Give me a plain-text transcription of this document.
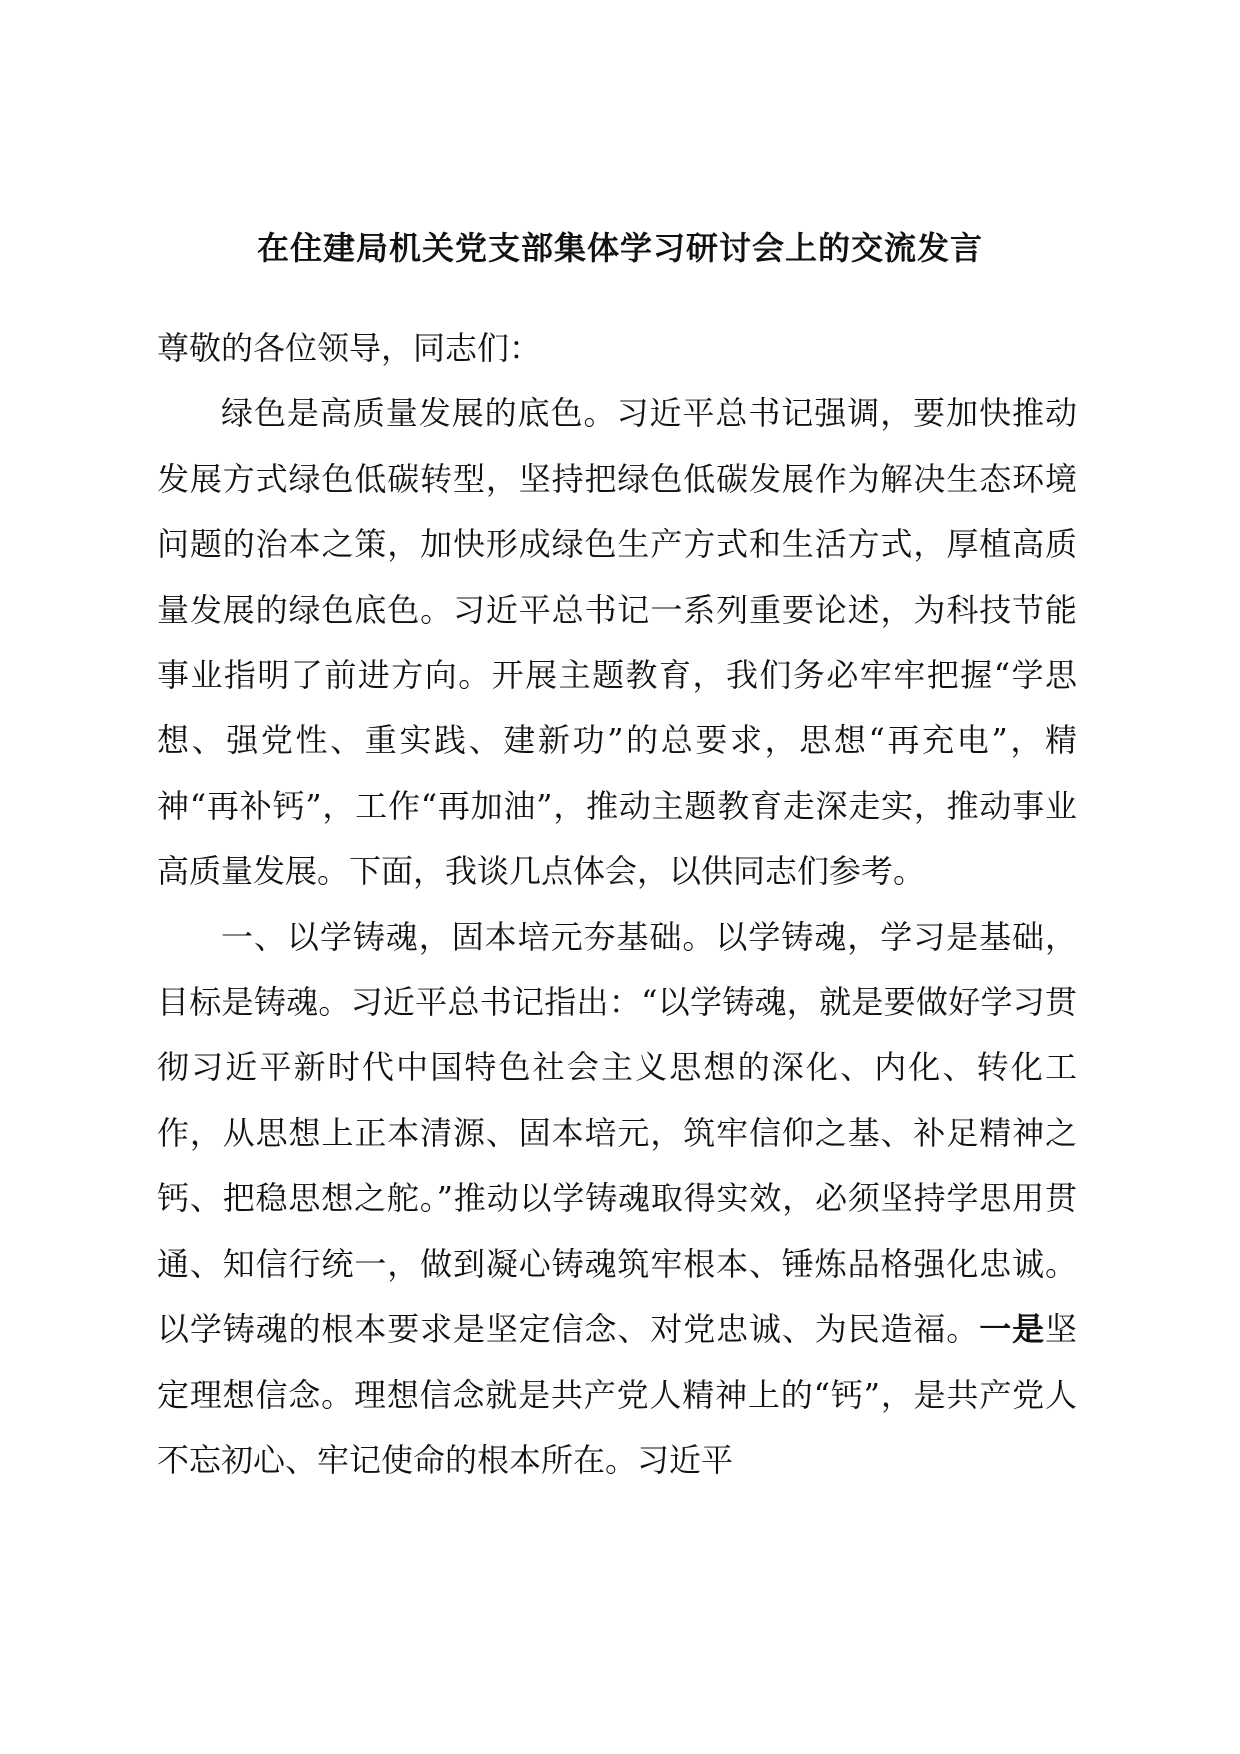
在住建局机关党支部集体学习研讨会上的交流发言

尊敬的各位领导，同志们：

绿色是高质量发展的底色。习近平总书记强调，要加快推动发展方式绿色低碳转型，坚持把绿色低碳发展作为解决生态环境问题的治本之策，加快形成绿色生产方式和生活方式，厚植高质量发展的绿色底色。习近平总书记一系列重要论述，为科技节能事业指明了前进方向。开展主题教育，我们务必牢牢把握“学思想、强党性、重实践、建新功”的总要求，思想“再充电”，精神“再补钙”，工作“再加油”，推动主题教育走深走实，推动事业高质量发展。下面，我谈几点体会，以供同志们参考。

一、以学铸魂，固本培元夯基础。以学铸魂，学习是基础，目标是铸魂。习近平总书记指出：“以学铸魂，就是要做好学习贯彻习近平新时代中国特色社会主义思想的深化、内化、转化工作，从思想上正本清源、固本培元，筑牢信仰之基、补足精神之钙、把稳思想之舵。”推动以学铸魂取得实效，必须坚持学思用贯通、知信行统一，做到凝心铸魂筑牢根本、锤炼品格强化忠诚。以学铸魂的根本要求是坚定信念、对党忠诚、为民造福。一是坚定理想信念。理想信念就是共产党人精神上的“钙”，是共产党人不忘初心、牢记使命的根本所在。习近平
